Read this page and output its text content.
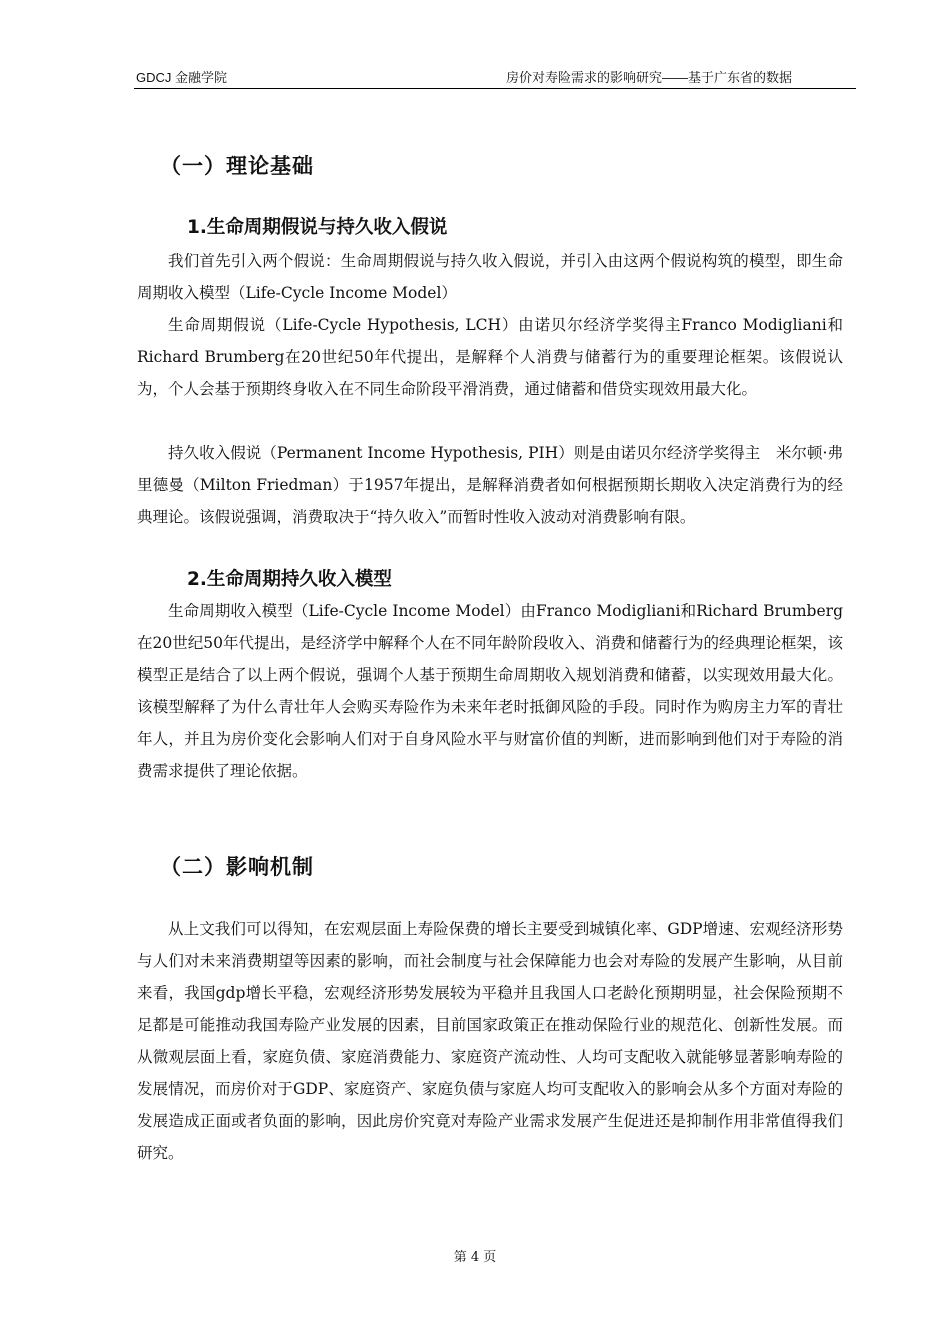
GDCJ 金融学院	房价对寿险需求的影响研究——基于广东省的数据
（一）理论基础
1.生命周期假说与持久收入假说

我们首先引入两个假说：生命周期假说与持久收入假说，并引入由这两个假说构筑的模型，即生命周期收入模型（Life-Cycle Income Model）

生命周期假说（Life-Cycle Hypothesis, LCH）由诺贝尔经济学奖得主Franco Modigliani和Richard Brumberg在20世纪50年代提出，是解释个人消费与储蓄行为的重要理论框架。该假说认为，个人会基于预期终身收入在不同生命阶段平滑消费，通过储蓄和借贷实现效用最大化。

持久收入假说（Permanent Income Hypothesis, PIH）则是由诺贝尔经济学奖得主　米尔顿·弗里德曼（Milton Friedman）于1957年提出，是解释消费者如何根据预期长期收入决定消费行为的经典理论。该假说强调，消费取决于“持久收入”而暂时性收入波动对消费影响有限。

2.生命周期持久收入模型

生命周期收入模型（Life-Cycle Income Model）由Franco Modigliani和Richard Brumberg在20世纪50年代提出，是经济学中解释个人在不同年龄阶段收入、消费和储蓄行为的经典理论框架，该模型正是结合了以上两个假说，强调个人基于预期生命周期收入规划消费和储蓄，以实现效用最大化。该模型解释了为什么青壮年人会购买寿险作为未来年老时抵御风险的手段。同时作为购房主力军的青壮年人，并且为房价变化会影响人们对于自身风险水平与财富价值的判断，进而影响到他们对于寿险的消费需求提供了理论依据。

（二）影响机制

从上文我们可以得知，在宏观层面上寿险保费的增长主要受到城镇化率、GDP增速、宏观经济形势与人们对未来消费期望等因素的影响，而社会制度与社会保障能力也会对寿险的发展产生影响，从目前来看，我国gdp增长平稳，宏观经济形势发展较为平稳并且我国人口老龄化预期明显，社会保险预期不足都是可能推动我国寿险产业发展的因素，目前国家政策正在推动保险行业的规范化、创新性发展。而从微观层面上看，家庭负债、家庭消费能力、家庭资产流动性、人均可支配收入就能够显著影响寿险的发展情况，而房价对于GDP、家庭资产、家庭负债与家庭人均可支配收入的影响会从多个方面对寿险的发展造成正面或者负面的影响，因此房价究竟对寿险产业需求发展产生促进还是抑制作用非常值得我们研究。

第 4 页
